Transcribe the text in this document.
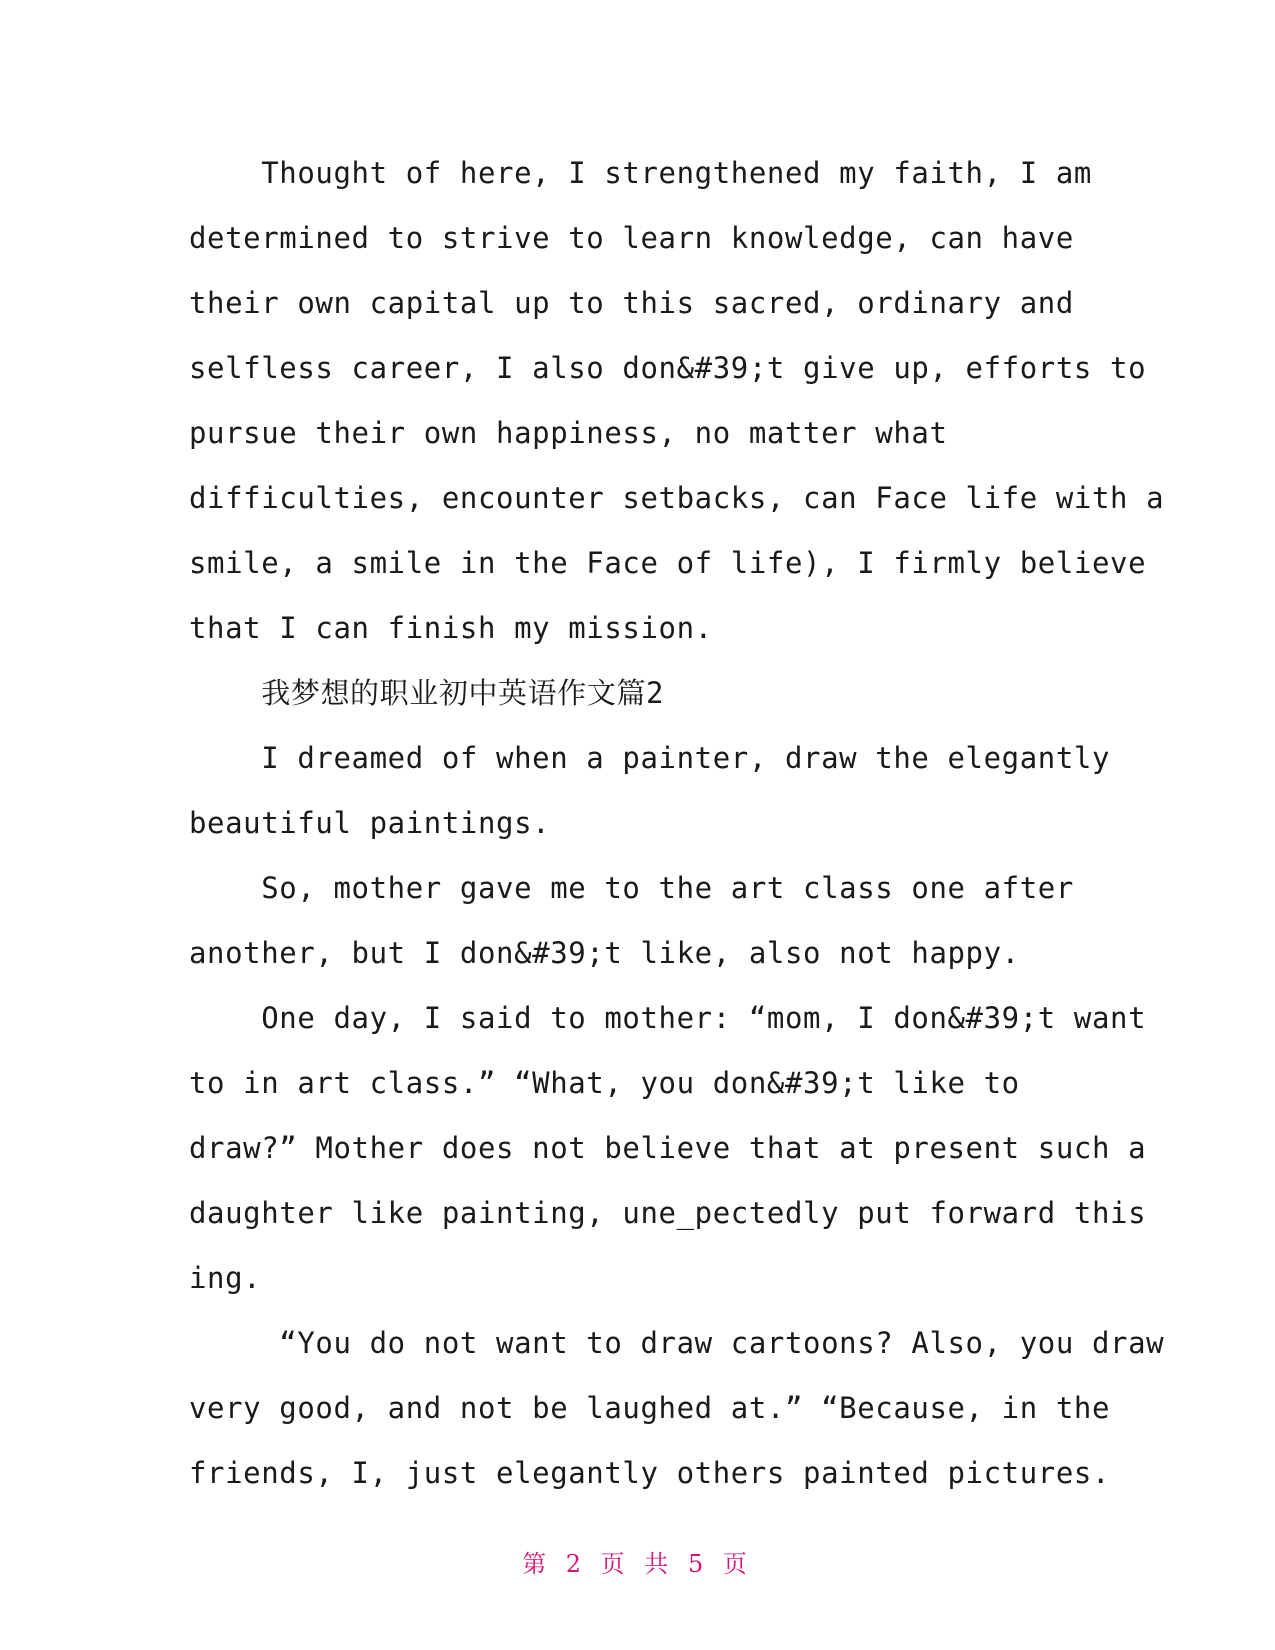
Thought of here, I strengthened my faith, I am
determined to strive to learn knowledge, can have
their own capital up to this sacred, ordinary and
selfless career, I also don&#39;t give up, efforts to
pursue their own happiness, no matter what
difficulties, encounter setbacks, can Face life with a
smile, a smile in the Face of life), I firmly believe
that I can finish my mission.
我梦想的职业初中英语作文篇2
I dreamed of when a painter, draw the elegantly
beautiful paintings.
So, mother gave me to the art class one after
another, but I don&#39;t like, also not happy.
One day, I said to mother: “mom, I don&#39;t want
to in art class.” “What, you don&#39;t like to
draw?” Mother does not believe that at present such a
daughter like painting, une_pectedly put forward this
ing.
“You do not want to draw cartoons? Also, you draw
very good, and not be laughed at.” “Because, in the
friends, I, just elegantly others painted pictures.
第 2 页 共 5 页
